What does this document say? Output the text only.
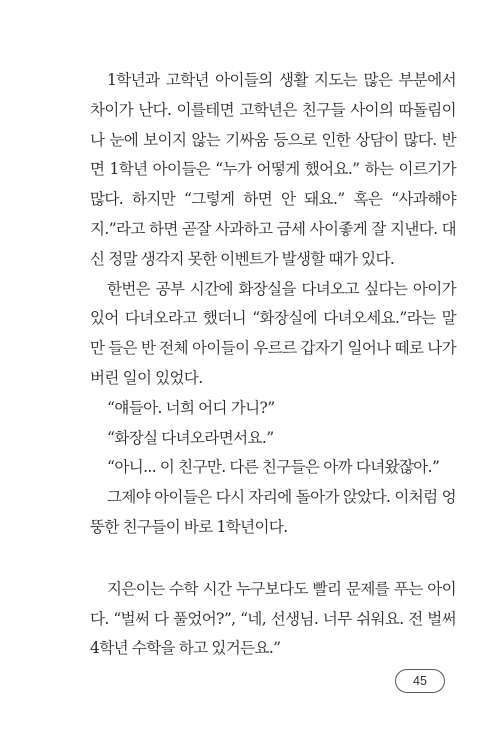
1학년과 고학년 아이들의 생활 지도는 많은 부분에서 차이가 난다. 이를테면 고학년은 친구들 사이의 따돌림이나 눈에 보이지 않는 기싸움 등으로 인한 상담이 많다. 반면 1학년 아이들은 “누가 어떻게 했어요.” 하는 이르기가 많다. 하지만 “그렇게 하면 안 돼요.” 혹은 “사과해야지.”라고 하면 곧잘 사과하고 금세 사이좋게 잘 지낸다. 대신 정말 생각지 못한 이벤트가 발생할 때가 있다.

한번은 공부 시간에 화장실을 다녀오고 싶다는 아이가 있어 다녀오라고 했더니 “화장실에 다녀오세요.”라는 말만 들은 반 전체 아이들이 우르르 갑자기 일어나 떼로 나가버린 일이 있었다.

“얘들아. 너희 어디 가니?”

“화장실 다녀오라면서요.”

“아니... 이 친구만. 다른 친구들은 아까 다녀왔잖아.”

그제야 아이들은 다시 자리에 돌아가 앉았다. 이처럼 엉뚱한 친구들이 바로 1학년이다.

지은이는 수학 시간 누구보다도 빨리 문제를 푸는 아이다. “벌써 다 풀었어?”, “네, 선생님. 너무 쉬워요. 전 벌써 4학년 수학을 하고 있거든요.”

45
